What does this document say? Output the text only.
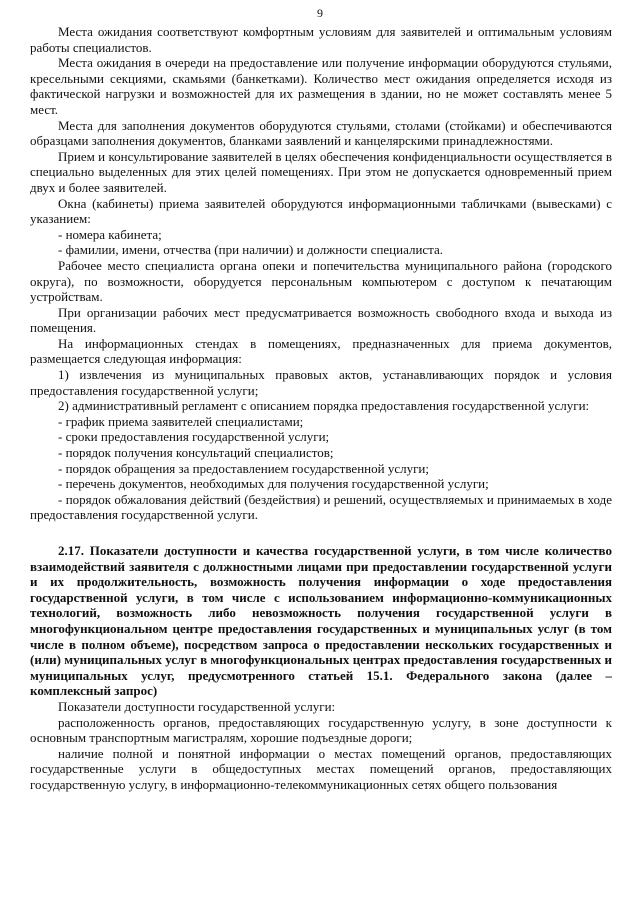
9

Места ожидания соответствуют комфортным условиям для заявителей и оптимальным условиям работы специалистов.

Места ожидания в очереди на предоставление или получение информации оборудуются стульями, кресельными секциями, скамьями (банкетками). Количество мест ожидания определяется исходя из фактической нагрузки и возможностей для их размещения в здании, но не может составлять менее 5 мест.

Места для заполнения документов оборудуются стульями, столами (стойками) и обеспечиваются образцами заполнения документов, бланками заявлений и канцелярскими принадлежностями.

Прием и консультирование заявителей в целях обеспечения конфиденциальности осуществляется в специально выделенных для этих целей помещениях. При этом не допускается одновременный прием двух и более заявителей.

Окна (кабинеты) приема заявителей оборудуются информационными табличками (вывесками) с указанием:

- номера кабинета;

- фамилии, имени, отчества (при наличии) и должности специалиста.

Рабочее место специалиста органа опеки и попечительства муниципального района (городского округа), по возможности, оборудуется персональным компьютером с доступом к печатающим устройствам.

При организации рабочих мест предусматривается возможность свободного входа и выхода из помещения.

На информационных стендах в помещениях, предназначенных для приема документов, размещается следующая информация:

1) извлечения из муниципальных правовых актов, устанавливающих порядок и условия предоставления государственной услуги;

2) административный регламент с описанием порядка предоставления государственной услуги:

- график приема заявителей специалистами;

- сроки предоставления государственной услуги;

- порядок получения консультаций специалистов;

- порядок обращения за предоставлением государственной услуги;

- перечень документов, необходимых для получения государственной услуги;

- порядок обжалования действий (бездействия) и решений, осуществляемых и принимаемых в ходе предоставления государственной услуги.

2.17. Показатели доступности и качества государственной услуги, в том числе количество взаимодействий заявителя с должностными лицами при предоставлении государственной услуги и их продолжительность, возможность получения информации о ходе предоставления государственной услуги, в том числе с использованием информационно-коммуникационных технологий, возможность либо невозможность получения государственной услуги в многофункциональном центре предоставления государственных и муниципальных услуг (в том числе в полном объеме), посредством запроса о предоставлении нескольких государственных и (или) муниципальных услуг в многофункциональных центрах предоставления государственных и муниципальных услуг, предусмотренного статьей 15.1. Федерального закона (далее – комплексный запрос)

Показатели доступности государственной услуги:

расположенность органов, предоставляющих государственную услугу, в зоне доступности к основным транспортным магистралям, хорошие подъездные дороги;

наличие полной и понятной информации о местах помещений органов, предоставляющих государственные услуги в общедоступных местах помещений органов, предоставляющих государственную услугу, в информационно-телекоммуникационных сетях общего пользования
